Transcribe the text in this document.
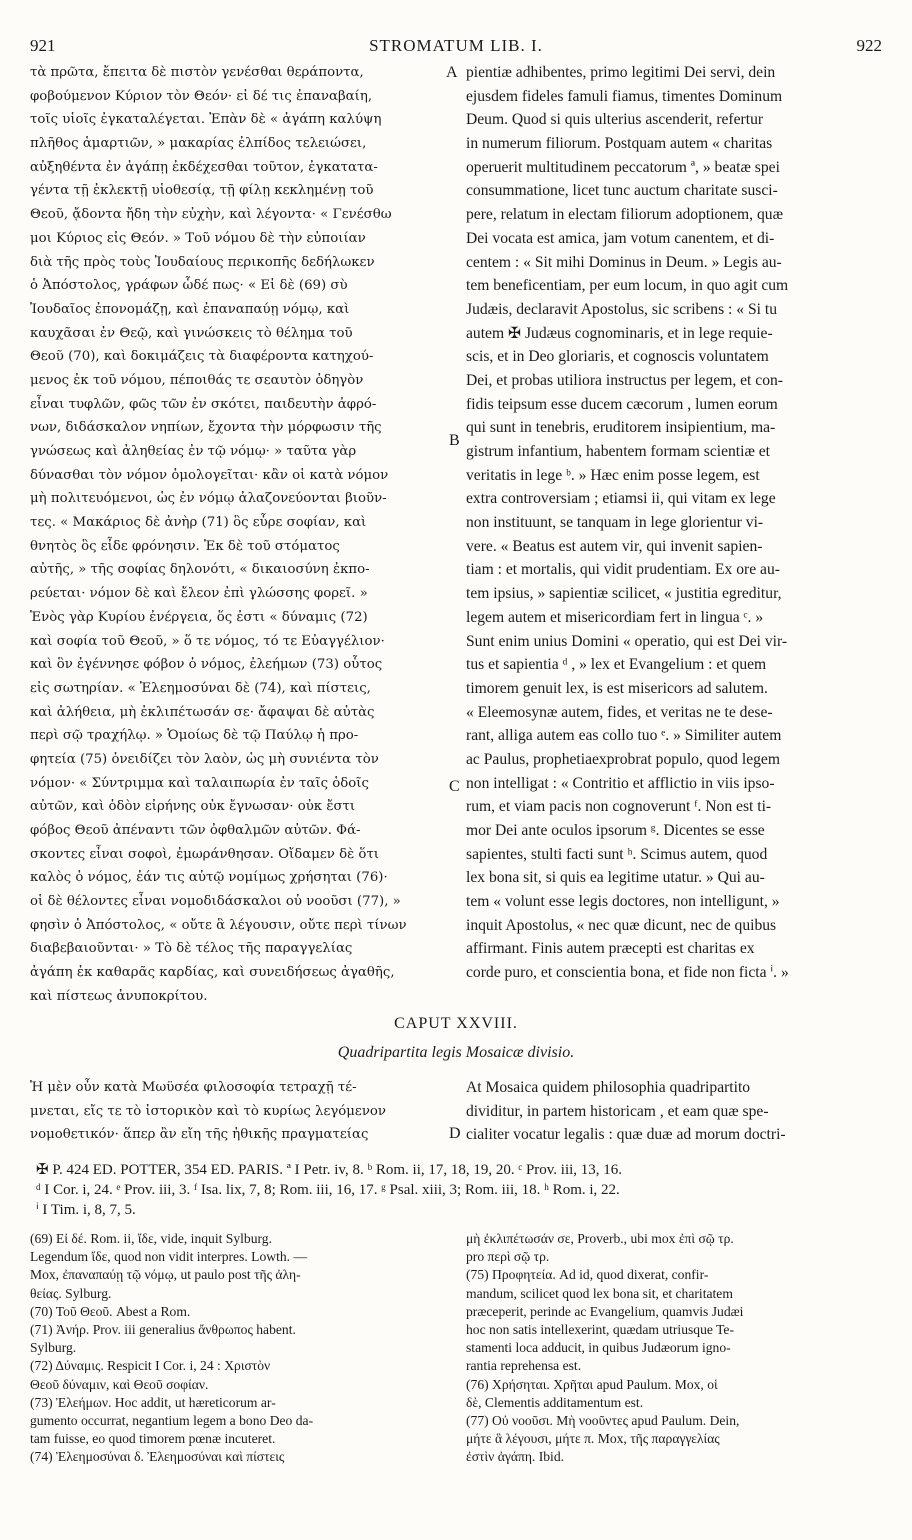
921	STROMATUM LIB. I.	922
τὰ πρῶτα, ἔπειτα δὲ πιστὸν γενέσθαι θεράποντα,
φοβούμενον Κύριον τὸν Θεόν· εἰ δέ τις ἐπαναβαίη,
τοῖς υἱοῖς ἐγκαταλέγεται. Ἐπὰν δὲ « ἀγάπη καλύψη
πλῆθος ἁμαρτιῶν, » μακαρίας ἐλπίδος τελειώσει,
αὐξηθέντα ἐν ἀγάπῃ ἐκδέχεσθαι τοῦτον, ἐγκατατα-
γέντα τῇ ἐκλεκτῇ υἱοθεσίᾳ, τῇ φίλῃ κεκλημένῃ τοῦ
Θεοῦ, ᾄδοντα ἤδη τὴν εὐχὴν, καὶ λέγοντα· « Γενέσθω
μοι Κύριος εἰς Θεόν. » Τοῦ νόμου δὲ τὴν εὐποιίαν
διὰ τῆς πρὸς τοὺς Ἰουδαίους περικοπῆς δεδήλωκεν
ὁ Ἀπόστολος, γράφων ὧδέ πως· « Εἰ δὲ (69) σὺ
Ἰουδαῖος ἐπονομάζῃ, καὶ ἐπαναπαύῃ νόμῳ, καὶ
καυχᾶσαι ἐν Θεῷ, καὶ γινώσκεις τὸ θέλημα τοῦ
Θεοῦ (70), καὶ δοκιμάζεις τὰ διαφέροντα κατηχού-
μενος ἐκ τοῦ νόμου, πέποιθάς τε σεαυτὸν ὁδηγὸν
εἶναι τυφλῶν, φῶς τῶν ἐν σκότει, παιδευτὴν ἀφρό-
νων, διδάσκαλον νηπίων, ἔχοντα τὴν μόρφωσιν τῆς
γνώσεως καὶ ἀληθείας ἐν τῷ νόμῳ· » ταῦτα γὰρ
δύνασθαι τὸν νόμον ὁμολογεῖται· κἂν οἱ κατὰ νόμον
μὴ πολιτευόμενοι, ὡς ἐν νόμῳ ἀλαζονεύονται βιοῦν-
τες. « Μακάριος δὲ ἀνὴρ (71) ὃς εὗρε σοφίαν, καὶ
θνητὸς ὃς εἶδε φρόνησιν. Ἐκ δὲ τοῦ στόματος
αὐτῆς, » τῆς σοφίας δηλονότι, « δικαιοσύνη ἐκπο-
ρεύεται· νόμον δὲ καὶ ἔλεον ἐπὶ γλώσσης φορεῖ. »
Ἑνὸς γὰρ Κυρίου ἐνέργεια, ὅς ἐστι « δύναμις (72)
καὶ σοφία τοῦ Θεοῦ, » ὅ τε νόμος, τό τε Εὐαγγέλιον·
καὶ ὃν ἐγέννησε φόβον ὁ νόμος, ἐλεήμων (73) οὗτος
εἰς σωτηρίαν. « Ἐλεημοσύναι δὲ (74), καὶ πίστεις,
καὶ ἀλήθεια, μὴ ἐκλιπέτωσάν σε· ἄφαψαι δὲ αὐτὰς
περὶ σῷ τραχήλῳ. » Ὁμοίως δὲ τῷ Παύλῳ ἡ προ-
φητεία (75) ὀνειδίζει τὸν λαὸν, ὡς μὴ συνιέντα τὸν
νόμον· « Σύντριμμα καὶ ταλαιπωρία ἐν ταῖς ὁδοῖς
αὐτῶν, καὶ ὁδὸν εἰρήνης οὐκ ἔγνωσαν· οὐκ ἔστι
φόβος Θεοῦ ἀπέναντι τῶν ὀφθαλμῶν αὐτῶν. Φά-
σκοντες εἶναι σοφοὶ, ἐμωράνθησαν. Οἴδαμεν δὲ ὅτι
καλὸς ὁ νόμος, ἐάν τις αὐτῷ νομίμως χρήσηται (76)·
οἱ δὲ θέλοντες εἶναι νομοδιδάσκαλοι οὐ νοοῦσι (77), »
φησὶν ὁ Ἀπόστολος, « οὔτε ἃ λέγουσιν, οὔτε περὶ τίνων
διαβεβαιοῦνται· » Τὸ δὲ τέλος τῆς παραγγελίας
ἀγάπη ἐκ καθαρᾶς καρδίας, καὶ συνειδήσεως ἀγαθῆς,
καὶ πίστεως ἀνυποκρίτου.
pientiæ adhibentes, primo legitimi Dei servi, dein
ejusdem fideles famuli fiamus, timentes Dominum
Deum. Quod si quis ulterius ascenderit, refertur
in numerum filiorum. Postquam autem « charitas
operuerit multitudinem peccatorum ª, » beatæ spei
consummatione, licet tunc auctum charitate susci-
pere, relatum in electam filiorum adoptionem, quæ
Dei vocata est amica, jam votum canentem, et di-
centem : « Sit mihi Dominus in Deum. » Legis au-
tem beneficentiam, per eum locum, in quo agit cum
Judæis, declaravit Apostolus, sic scribens : « Si tu
autem ✠ Judæus cognominaris, et in lege requie-
scis, et in Deo gloriaris, et cognoscis voluntatem
Dei, et probas utiliora instructus per legem, et con-
fidis teipsum esse ducem cæcorum , lumen eorum
qui sunt in tenebris, eruditorem insipientium, ma-
gistrum infantium, habentem formam scientiæ et
veritatis in lege ᵇ. » Hæc enim posse legem, est
extra controversiam ; etiamsi ii, qui vitam ex lege
non instituunt, se tanquam in lege glorientur vi-
vere. « Beatus est autem vir, qui invenit sapien-
tiam : et mortalis, qui vidit prudentiam. Ex ore au-
tem ipsius, » sapientiæ scilicet, « justitia egreditur,
legem autem et misericordiam fert in lingua ᶜ. »
Sunt enim unius Domini « operatio, qui est Dei vir-
tus et sapientia ᵈ , » lex et Evangelium : et quem
timorem genuit lex, is est misericors ad salutem.
« Eleemosynæ autem, fides, et veritas ne te dese-
rant, alliga autem eas collo tuo ᵉ. » Similiter autem
ac Paulus, prophetiaexprobrat populo, quod legem
non intelligat : « Contritio et afflictio in viis ipso-
rum, et viam pacis non cognoverunt ᶠ. Non est ti-
mor Dei ante oculos ipsorum ᵍ. Dicentes se esse
sapientes, stulti facti sunt ʰ. Scimus autem, quod
lex bona sit, si quis ea legitime utatur. » Qui au-
tem « volunt esse legis doctores, non intelligunt, »
inquit Apostolus, « nec quæ dicunt, nec de quibus
affirmant. Finis autem præcepti est charitas ex
corde puro, et conscientia bona, et fide non ficta ⁱ. »
A
B
C
D
CAPUT XXVIII.
Quadripartita legis Mosaicæ divisio.
Ἡ μὲν οὖν κατὰ Μωϋσέα φιλοσοφία τετραχῇ τέ-
μνεται, εἴς τε τὸ ἱστορικὸν καὶ τὸ κυρίως λεγόμενον
νομοθετικόν· ἅπερ ἂν εἴη τῆς ἠθικῆς πραγματείας
At Mosaica quidem philosophia quadripartito
dividitur, in partem historicam , et eam quæ spe-
cialiter vocatur legalis : quæ duæ ad morum doctri-
✠ P. 424 ED. POTTER, 354 ED. PARIS. ª I Petr. iv, 8. ᵇ Rom. ii, 17, 18, 19, 20. ᶜ Prov. iii, 13, 16.
ᵈ I Cor. i, 24. ᵉ Prov. iii, 3. ᶠ Isa. lix, 7, 8; Rom. iii, 16, 17. ᵍ Psal. xiii, 3; Rom. iii, 18. ʰ Rom. i, 22.
ⁱ I Tim. i, 8, 7, 5.
(69) Εἰ δέ. Rom. ii, ἴδε, vide, inquit Sylburg.
Legendum ἴδε, quod non vidit interpres. Lowth. —
Mox, ἐπαναπαύῃ τῷ νόμῳ, ut paulo post τῆς ἀλη-
θείας. Sylburg.
(70) Τοῦ Θεοῦ. Abest a Rom.
(71) Ἀνήρ. Prov. iii generalius ἄνθρωπος habent.
Sylburg.
(72) Δύναμις. Respicit I Cor. i, 24 : Χριστὸν
Θεοῦ δύναμιν, καὶ Θεοῦ σοφίαν.
(73) Ἐλεήμων. Hoc addit, ut hæreticorum ar-
gumento occurrat, negantium legem a bono Deo da-
tam fuisse, eo quod timorem pœnæ incuteret.
(74) Ἐλεημοσύναι δ. Ἐλεημοσύναι καὶ πίστεις
μὴ ἐκλιπέτωσάν σε, Proverb., ubi mox ἐπὶ σῷ τρ.
pro περὶ σῷ τρ.
(75) Προφητεία. Ad id, quod dixerat, confir-
mandum, scilicet quod lex bona sit, et charitatem
præceperit, perinde ac Evangelium, quamvis Judæi
hoc non satis intellexerint, quædam utriusque Te-
stamenti loca adducit, in quibus Judæorum igno-
rantia reprehensa est.
(76) Χρήσηται. Χρῆται apud Paulum. Mox, οἱ
δὲ, Clementis additamentum est.
(77) Οὐ νοοῦσι. Μὴ νοοῦντες apud Paulum. Dein,
μήτε ἃ λέγουσι, μήτε π. Mox, τῆς παραγγελίας
ἐστὶν ἀγάπη. Ibid.
